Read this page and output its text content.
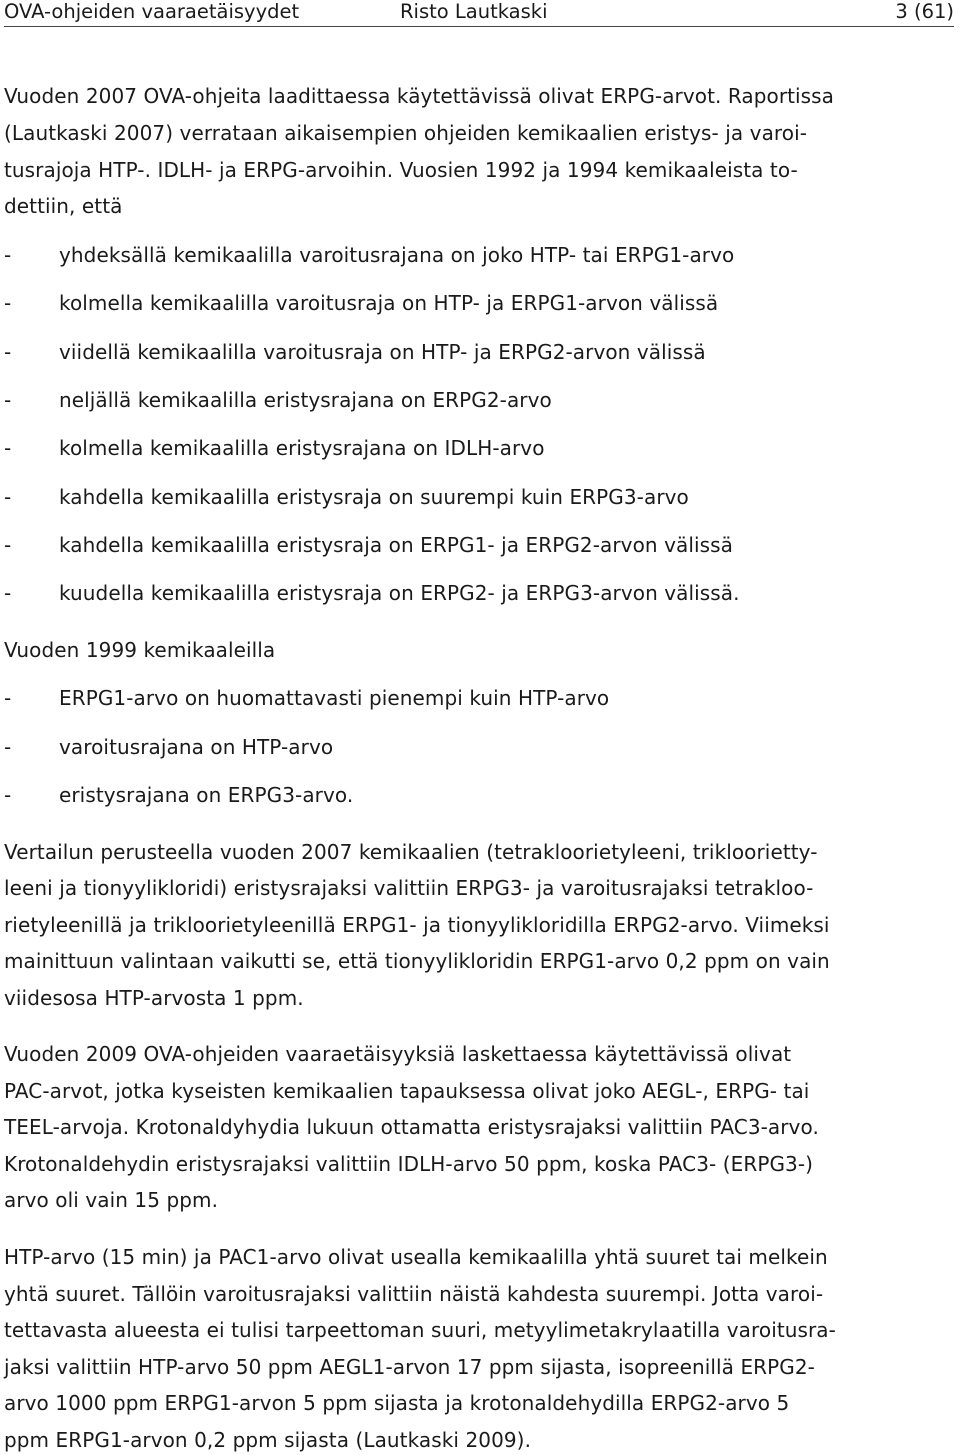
OVA-ohjeiden vaaraetäisyydet	Risto Lautkaski	3 (61)
Vuoden 2007 OVA-ohjeita laadittaessa käytettävissä olivat ERPG-arvot. Raportissa
(Lautkaski 2007) verrataan aikaisempien ohjeiden kemikaalien eristys- ja varoi-
tusrajoja HTP-. IDLH- ja ERPG-arvoihin. Vuosien 1992 ja 1994 kemikaaleista to-
dettiin, että
- yhdeksällä kemikaalilla varoitusrajana on joko HTP- tai ERPG1-arvo
- kolmella kemikaalilla varoitusraja on HTP- ja ERPG1-arvon välissä
- viidellä kemikaalilla varoitusraja on HTP- ja ERPG2-arvon välissä
- neljällä kemikaalilla eristysrajana on ERPG2-arvo
- kolmella kemikaalilla eristysrajana on IDLH-arvo
- kahdella kemikaalilla eristysraja on suurempi kuin ERPG3-arvo
- kahdella kemikaalilla eristysraja on ERPG1- ja ERPG2-arvon välissä
- kuudella kemikaalilla eristysraja on ERPG2- ja ERPG3-arvon välissä.
Vuoden 1999 kemikaaleilla
- ERPG1-arvo on huomattavasti pienempi kuin HTP-arvo
- varoitusrajana on HTP-arvo
- eristysrajana on ERPG3-arvo.
Vertailun perusteella vuoden 2007 kemikaalien (tetrakloorietyleeni, trikloorietty-
leeni ja tionyylikloridi) eristysrajaksi valittiin ERPG3- ja varoitusrajaksi tetrakloo-
rietyleenillä ja trikloorietyleenillä ERPG1- ja tionyylikloridilla ERPG2-arvo. Viimeksi
mainittuun valintaan vaikutti se, että tionyylikloridin ERPG1-arvo 0,2 ppm on vain
viidesosa HTP-arvosta 1 ppm.
Vuoden 2009 OVA-ohjeiden vaaraetäisyyksiä laskettaessa käytettävissä olivat
PAC-arvot, jotka kyseisten kemikaalien tapauksessa olivat joko AEGL-, ERPG- tai
TEEL-arvoja. Krotonaldyhydia lukuun ottamatta eristysrajaksi valittiin PAC3-arvo.
Krotonaldehydin eristysrajaksi valittiin IDLH-arvo 50 ppm, koska PAC3- (ERPG3-)
arvo oli vain 15 ppm.
HTP-arvo (15 min) ja PAC1-arvo olivat usealla kemikaalilla yhtä suuret tai melkein
yhtä suuret. Tällöin varoitusrajaksi valittiin näistä kahdesta suurempi. Jotta varoi-
tettavasta alueesta ei tulisi tarpeettoman suuri, metyylimetakrylaatilla varoitusra-
jaksi valittiin HTP-arvo 50 ppm AEGL1-arvon 17 ppm sijasta, isopreenillä ERPG2-
arvo 1000 ppm ERPG1-arvon 5 ppm sijasta ja krotonaldehydilla ERPG2-arvo 5
ppm ERPG1-arvon 0,2 ppm sijasta (Lautkaski 2009).
